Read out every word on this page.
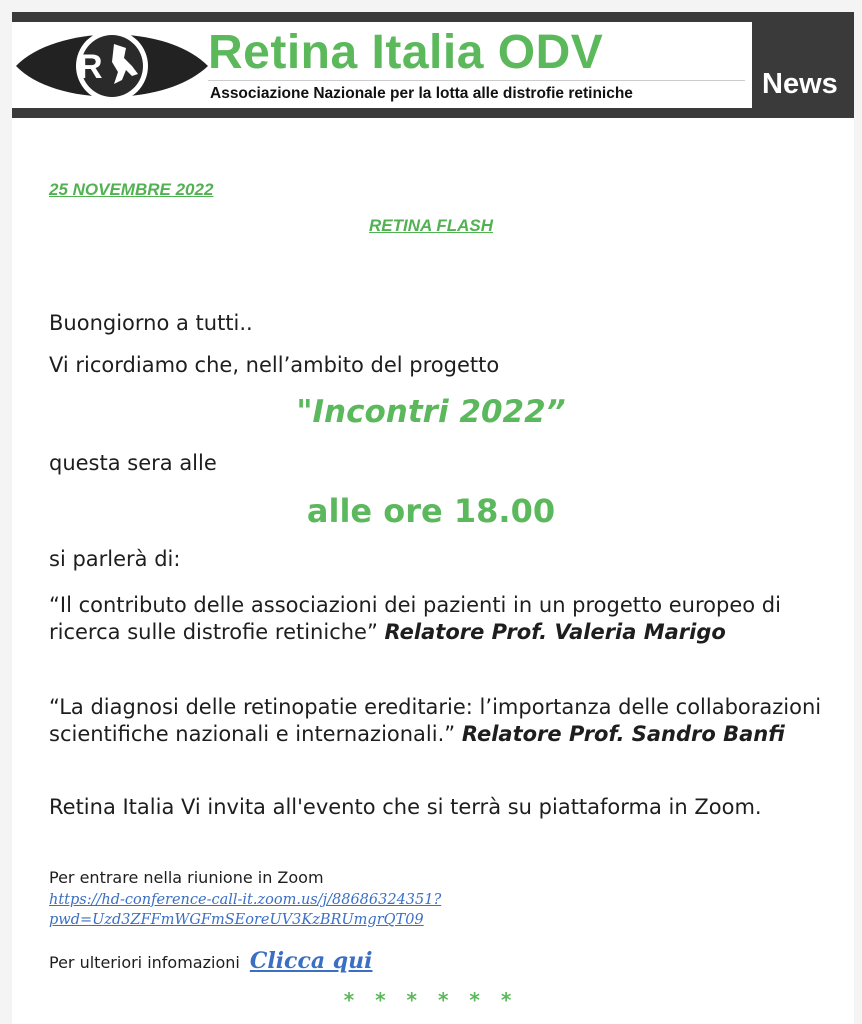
R Retina Italia ODV
Associazione Nazionale per la lotta alle distrofie retiniche	News
25 NOVEMBRE 2022
RETINA FLASH
Buongiorno a tutti..
Vi ricordiamo che, nell’ambito del progetto
"Incontri 2022”
questa sera alle
alle ore 18.00
si parlerà di:
“Il contributo delle associazioni dei pazienti in un progetto europeo di ricerca sulle distrofie retiniche” Relatore Prof. Valeria Marigo
“La diagnosi delle retinopatie ereditarie: l’importanza delle collaborazioni scientifiche nazionali e internazionali.” Relatore Prof. Sandro Banfi
Retina Italia Vi invita all'evento che si terrà su piattaforma in Zoom.
Per entrare nella riunione in Zoom
https://hd-conference-call-it.zoom.us/j/88686324351?
pwd=Uzd3ZFFmWGFmSEoreUV3KzBRUmgrQT09
Per ulteriori infomazioni Clicca qui
* * * * * *
